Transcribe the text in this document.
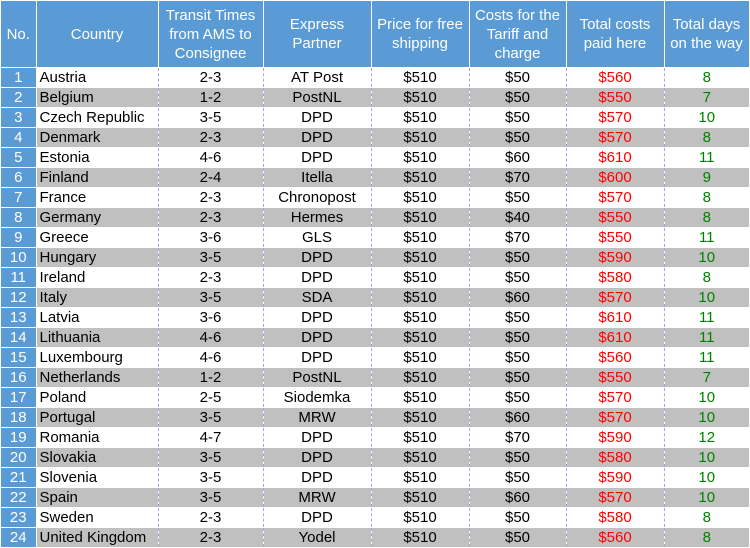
No.	Country	Transit Times from AMS to Consignee	Express Partner	Price for free shipping	Costs for the Tariff and charge	Total costs paid here	Total days on the way
1	Austria	2-3	AT Post	$510	$50	$560	8
2	Belgium	1-2	PostNL	$510	$50	$550	7
3	Czech Republic	3-5	DPD	$510	$50	$570	10
4	Denmark	2-3	DPD	$510	$50	$570	8
5	Estonia	4-6	DPD	$510	$60	$610	11
6	Finland	2-4	Itella	$510	$70	$600	9
7	France	2-3	Chronopost	$510	$50	$570	8
8	Germany	2-3	Hermes	$510	$40	$550	8
9	Greece	3-6	GLS	$510	$70	$550	11
10	Hungary	3-5	DPD	$510	$50	$590	10
11	Ireland	2-3	DPD	$510	$50	$580	8
12	Italy	3-5	SDA	$510	$60	$570	10
13	Latvia	3-6	DPD	$510	$50	$610	11
14	Lithuania	4-6	DPD	$510	$50	$610	11
15	Luxembourg	4-6	DPD	$510	$50	$560	11
16	Netherlands	1-2	PostNL	$510	$50	$550	7
17	Poland	2-5	Siodemka	$510	$50	$570	10
18	Portugal	3-5	MRW	$510	$60	$570	10
19	Romania	4-7	DPD	$510	$70	$590	12
20	Slovakia	3-5	DPD	$510	$50	$580	10
21	Slovenia	3-5	DPD	$510	$50	$590	10
22	Spain	3-5	MRW	$510	$60	$570	10
23	Sweden	2-3	DPD	$510	$50	$580	8
24	United Kingdom	2-3	Yodel	$510	$50	$560	8
